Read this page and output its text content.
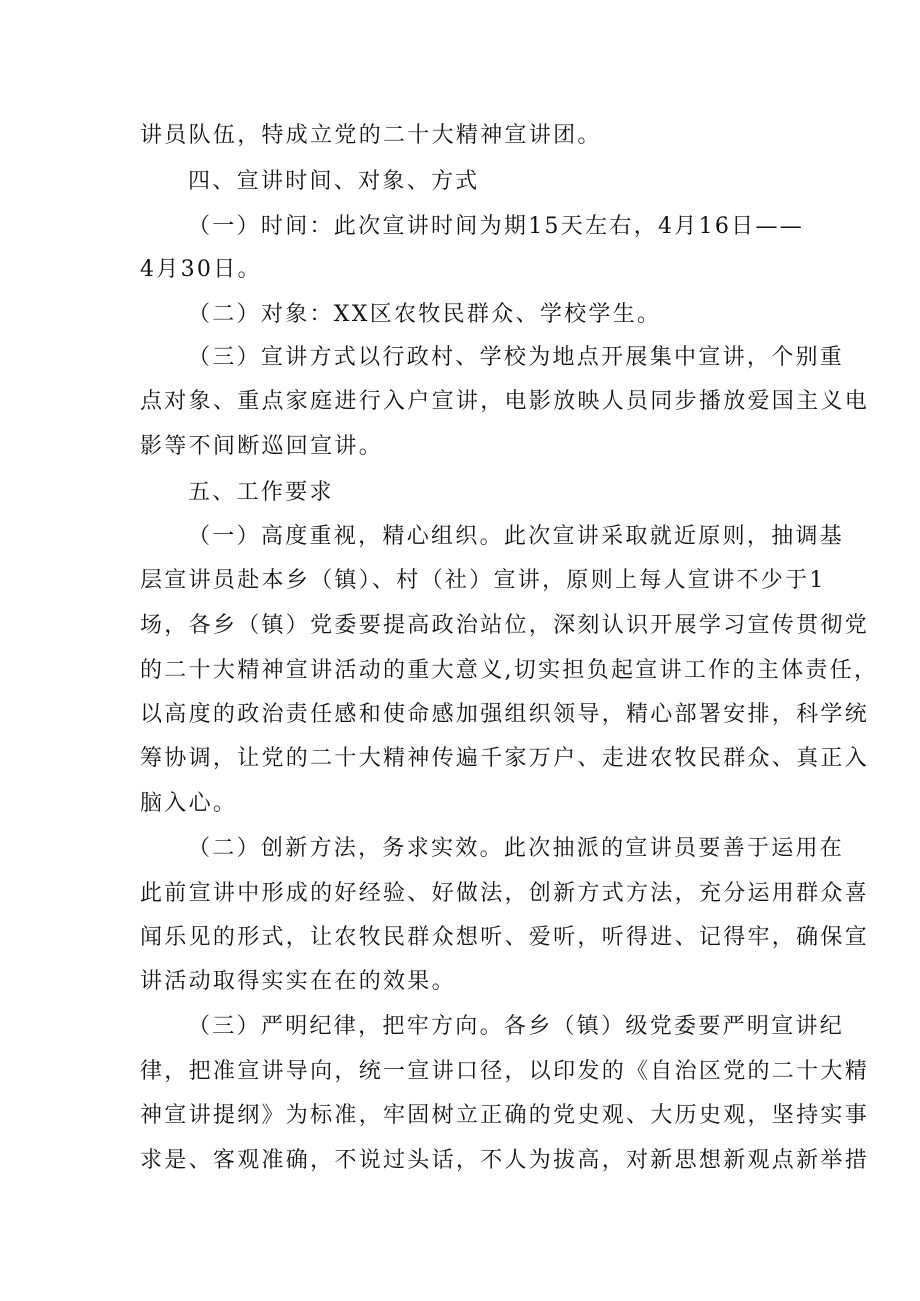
讲员队伍，特成立党的二十大精神宣讲团。
四、宣讲时间、对象、方式
（一）时间：此次宣讲时间为期15天左右，4月16日——
4月30日。
（二）对象：XX区农牧民群众、学校学生。
（三）宣讲方式以行政村、学校为地点开展集中宣讲，个别重
点对象、重点家庭进行入户宣讲，电影放映人员同步播放爱国主义电
影等不间断巡回宣讲。
五、工作要求
（一）高度重视，精心组织。此次宣讲采取就近原则，抽调基
层宣讲员赴本乡（镇）、村（社）宣讲，原则上每人宣讲不少于1
场，各乡（镇）党委要提高政治站位，深刻认识开展学习宣传贯彻党
的二十大精神宣讲活动的重大意义,切实担负起宣讲工作的主体责任，
以高度的政治责任感和使命感加强组织领导，精心部署安排，科学统
筹协调，让党的二十大精神传遍千家万户、走进农牧民群众、真正入
脑入心。
（二）创新方法，务求实效。此次抽派的宣讲员要善于运用在
此前宣讲中形成的好经验、好做法，创新方式方法，充分运用群众喜
闻乐见的形式，让农牧民群众想听、爱听，听得进、记得牢，确保宣
讲活动取得实实在在的效果。
（三）严明纪律，把牢方向。各乡（镇）级党委要严明宣讲纪
律，把准宣讲导向，统一宣讲口径，以印发的《自治区党的二十大精
神宣讲提纲》为标准，牢固树立正确的党史观、大历史观，坚持实事
求是、客观准确，不说过头话，不人为拔高，对新思想新观点新举措
